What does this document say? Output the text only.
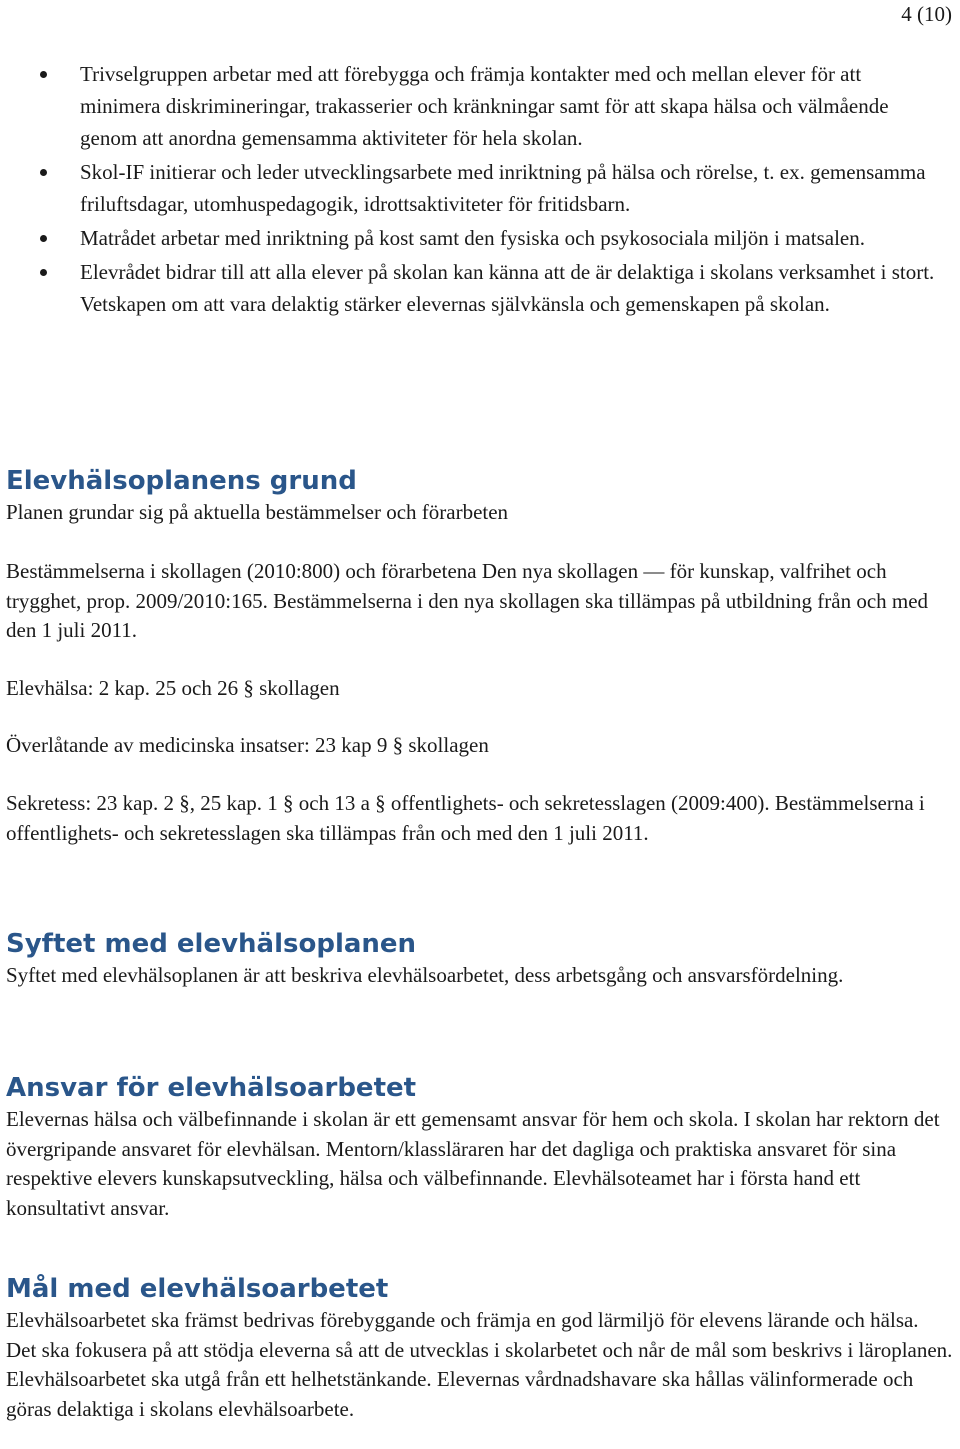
4 (10)
Trivselgruppen arbetar med att förebygga och främja kontakter med och mellan elever för att minimera diskrimineringar, trakasserier och kränkningar samt för att skapa hälsa och välmående genom att anordna gemensamma aktiviteter för hela skolan.
Skol-IF initierar och leder utvecklingsarbete med inriktning på hälsa och rörelse, t. ex. gemensamma friluftsdagar, utomhuspedagogik, idrottsaktiviteter för fritidsbarn.
Matrådet arbetar med inriktning på kost samt den fysiska och psykosociala miljön i matsalen.
Elevrådet bidrar till att alla elever på skolan kan känna att de är delaktiga i skolans verksamhet i stort. Vetskapen om att vara delaktig stärker elevernas självkänsla och gemenskapen på skolan.
Elevhälsoplanens grund

Planen grundar sig på aktuella bestämmelser och förarbeten

Bestämmelserna i skollagen (2010:800) och förarbetena Den nya skollagen — för kunskap, valfrihet och trygghet, prop. 2009/2010:165. Bestämmelserna i den nya skollagen ska tillämpas på utbildning från och med den 1 juli 2011.
Elevhälsa: 2 kap. 25 och 26 § skollagen
Överlåtande av medicinska insatser: 23 kap 9 § skollagen
Sekretess: 23 kap. 2 §, 25 kap. 1 § och 13 a § offentlighets- och sekretesslagen (2009:400). Bestämmelserna i offentlighets- och sekretesslagen ska tillämpas från och med den 1 juli 2011.
Syftet med elevhälsoplanen

Syftet med elevhälsoplanen är att beskriva elevhälsoarbetet, dess arbetsgång och ansvarsfördelning.

Ansvar för elevhälsoarbetet

Elevernas hälsa och välbefinnande i skolan är ett gemensamt ansvar för hem och skola. I skolan har rektorn det övergripande ansvaret för elevhälsan. Mentorn/klassläraren har det dagliga och praktiska ansvaret för sina respektive elevers kunskapsutveckling, hälsa och välbefinnande. Elevhälsoteamet har i första hand ett konsultativt ansvar.

Mål med elevhälsoarbetet

Elevhälsoarbetet ska främst bedrivas förebyggande och främja en god lärmiljö för elevens lärande och hälsa. Det ska fokusera på att stödja eleverna så att de utvecklas i skolarbetet och når de mål som beskrivs i läroplanen. Elevhälsoarbetet ska utgå från ett helhetstänkande. Elevernas vårdnadshavare ska hållas välinformerade och göras delaktiga i skolans elevhälsoarbete.
